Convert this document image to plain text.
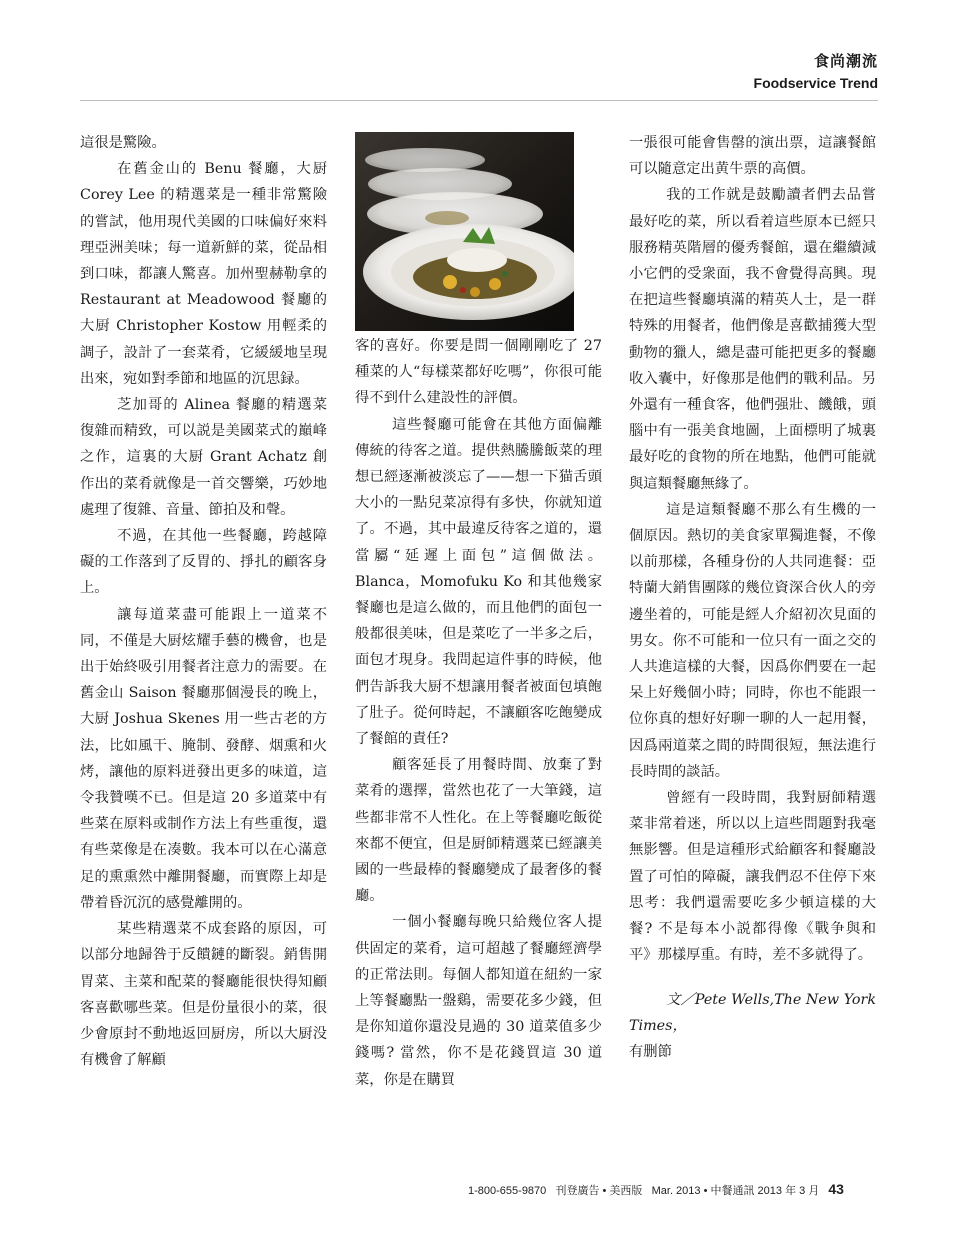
食尚潮流
Foodservice Trend

這很是驚險。

在舊金山的 Benu 餐廳，大厨 Corey Lee 的精選菜是一種非常驚險的嘗試，他用現代美國的口味偏好來料理亞洲美味；每一道新鮮的菜，從品相到口味，都讓人驚喜。加州聖赫勒拿的 Restaurant at Meadowood 餐廳的大厨 Christopher Kostow 用輕柔的調子，設計了一套菜肴，它緩緩地呈現出來，宛如對季節和地區的沉思録。

芝加哥的 Alinea 餐廳的精選菜復雜而精致，可以説是美國菜式的巔峰之作，這裏的大厨 Grant Achatz 創作出的菜肴就像是一首交響樂，巧妙地處理了復雜、音量、節拍及和聲。

不過，在其他一些餐廳，跨越障礙的工作落到了反胃的、掙扎的顧客身上。

讓每道菜盡可能跟上一道菜不同，不僅是大厨炫耀手藝的機會，也是出于始終吸引用餐者注意力的需要。在舊金山 Saison 餐廳那個漫長的晚上，大厨 Joshua Skenes 用一些古老的方法，比如風干、腌制、發酵、烟熏和火烤，讓他的原料迸發出更多的味道，這令我贊嘆不已。但是這 20 多道菜中有些菜在原料或制作方法上有些重復，還有些菜像是在凑數。我本可以在心滿意足的熏熏然中離開餐廳，而實際上却是帶着昏沉沉的感覺離開的。

某些精選菜不成套路的原因，可以部分地歸咎于反饋鏈的斷裂。銷售開胃菜、主菜和配菜的餐廳能很快得知顧客喜歡哪些菜。但是份量很小的菜，很少會原封不動地返回厨房，所以大厨没有機會了解顧

客的喜好。你要是問一個剛剛吃了 27 種菜的人“每樣菜都好吃嗎”，你很可能得不到什么建設性的評價。

這些餐廳可能會在其他方面偏離傳統的待客之道。提供熱騰騰飯菜的理想已經逐漸被淡忘了——想一下猫舌頭大小的一點兒菜凉得有多快，你就知道了。不過，其中最違反待客之道的，還當屬“延遲上面包”這個做法。Blanca，Momofuku Ko 和其他幾家餐廳也是這么做的，而且他們的面包一般都很美味，但是菜吃了一半多之后，面包才現身。我問起這件事的時候，他們告訴我大厨不想讓用餐者被面包填飽了肚子。從何時起，不讓顧客吃飽變成了餐館的責任?

顧客延長了用餐時間、放棄了對菜肴的選擇，當然也花了一大筆錢，這些都非常不人性化。在上等餐廳吃飯從來都不便宜，但是厨師精選菜已經讓美國的一些最棒的餐廳變成了最奢侈的餐廳。

一個小餐廳每晚只給幾位客人提供固定的菜肴，這可超越了餐廳經濟學的正常法則。每個人都知道在紐約一家上等餐廳點一盤鷄，需要花多少錢，但是你知道你還没見過的 30 道菜值多少錢嗎? 當然，你不是花錢買這 30 道菜，你是在購買

一張很可能會售罄的演出票，這讓餐館可以隨意定出黄牛票的高價。

我的工作就是鼓勵讀者們去品嘗最好吃的菜，所以看着這些原本已經只服務精英階層的優秀餐館，還在繼續減小它們的受衆面，我不會覺得高興。現在把這些餐廳填滿的精英人士，是一群特殊的用餐者，他們像是喜歡捕獲大型動物的獵人，總是盡可能把更多的餐廳收入囊中，好像那是他們的戰利品。另外還有一種食客，他們强壯、饑餓，頭腦中有一張美食地圖，上面標明了城裏最好吃的食物的所在地點，他們可能就與這類餐廳無緣了。

這是這類餐廳不那么有生機的一個原因。熱切的美食家單獨進餐，不像以前那樣，各種身份的人共同進餐：亞特蘭大銷售團隊的幾位資深合伙人的旁邊坐着的，可能是經人介紹初次見面的男女。你不可能和一位只有一面之交的人共進這樣的大餐，因爲你們要在一起呆上好幾個小時；同時，你也不能跟一位你真的想好好聊一聊的人一起用餐，因爲兩道菜之間的時間很短，無法進行長時間的談話。

曾經有一段時間，我對厨師精選菜非常着迷，所以以上這些問題對我毫無影響。但是這種形式給顧客和餐廳設置了可怕的障礙，讓我們忍不住停下來思考：我們還需要吃多少頓這樣的大餐? 不是每本小説都得像《戰争與和平》那樣厚重。有時，差不多就得了。

文／Pete Wells,The New York Times，

有删節

1-800-655-9870 刊登廣告 • 美西版 Mar. 2013 • 中餐通訊 2013 年 3 月 43
